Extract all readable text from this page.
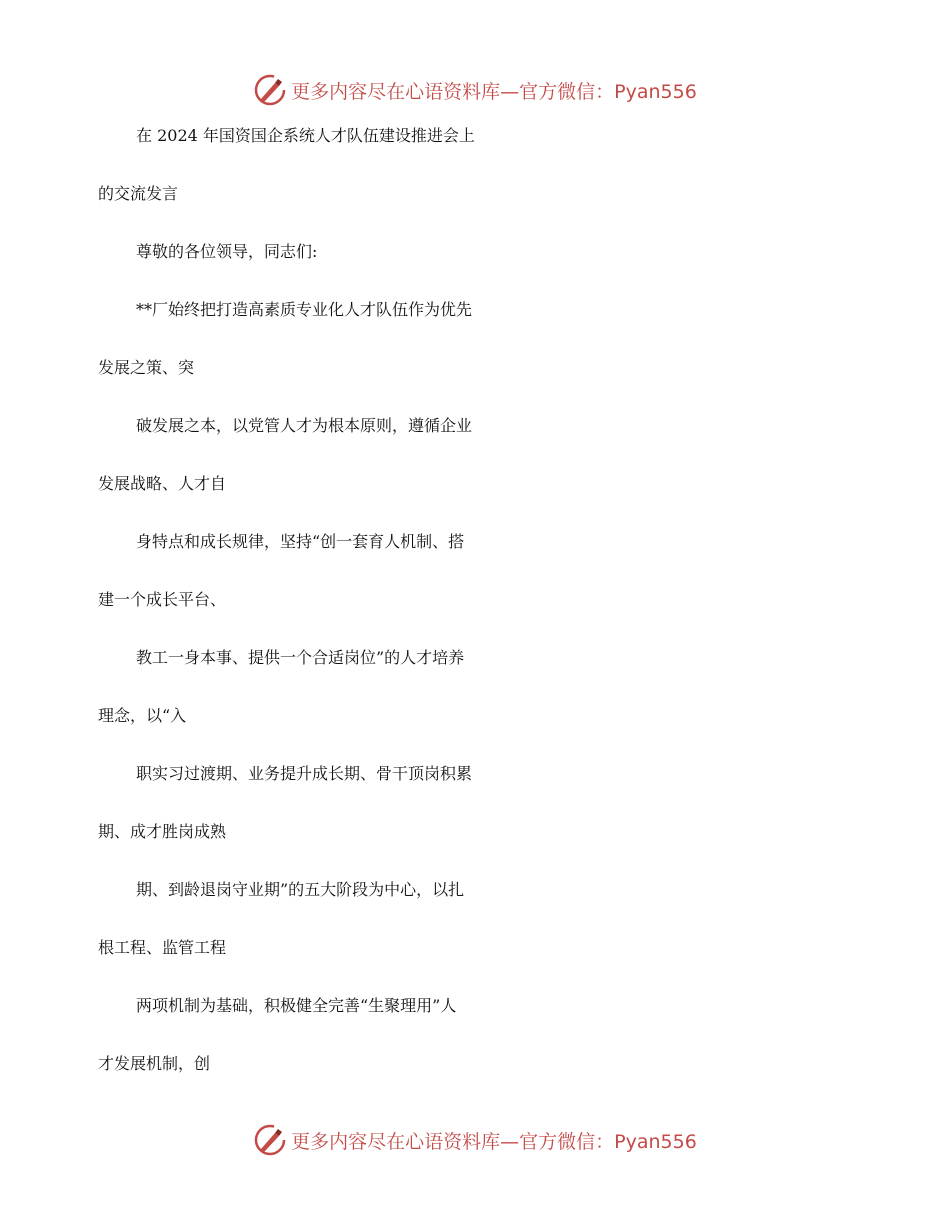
更多内容尽在心语资料库—官方微信：Pyan556
在 2024 年国资国企系统人才队伍建设推进会上
的交流发言
尊敬的各位领导，同志们:
**厂始终把打造高素质专业化人才队伍作为优先
发展之策、突
破发展之本，以党管人才为根本原则，遵循企业
发展战略、人才自
身特点和成长规律，坚持“创一套育人机制、搭
建一个成长平台、
教工一身本事、提供一个合适岗位”的人才培养
理念，以“入
职实习过渡期、业务提升成长期、骨干顶岗积累
期、成才胜岗成熟
期、到龄退岗守业期”的五大阶段为中心，以扎
根工程、监管工程
两项机制为基础，积极健全完善“生聚理用”人
才发展机制，创
更多内容尽在心语资料库—官方微信：Pyan556
